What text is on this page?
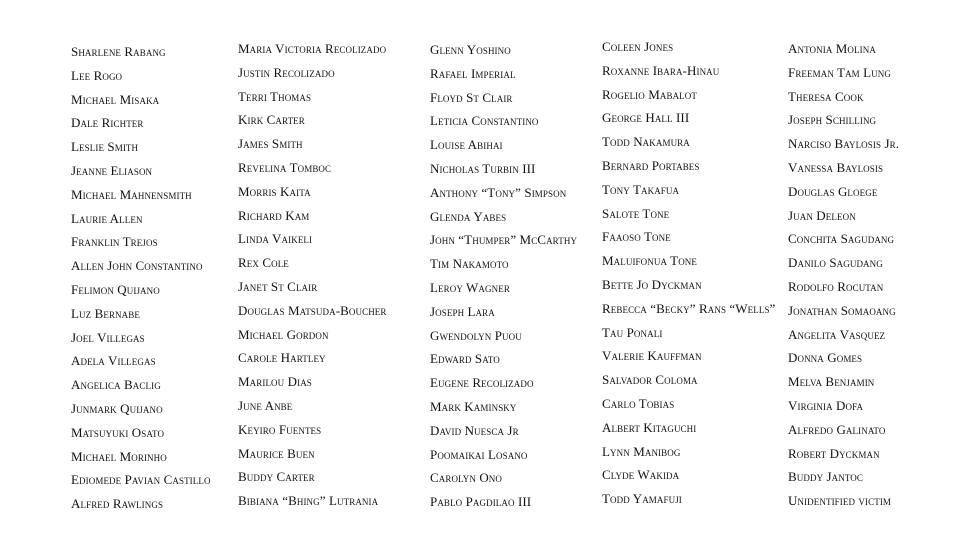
Sharlene Rabang
Lee Rogo
Michael Misaka
Dale Richter
Leslie Smith
Jeanne Eliason
Michael Mahnensmith
Laurie Allen
Franklin Trejos
Allen John Constantino
Felimon Quijano
Luz Bernabe
Joel Villegas
Adela Villegas
Angelica Baclig
Junmark Quijano
Matsuyuki Osato
Michael Morinho
Ediomede Pavian Castillo
Alfred Rawlings
Maria Victoria Recolizado
Justin Recolizado
Terri Thomas
Kirk Carter
James Smith
Revelina Tomboc
Morris Kaita
Richard Kam
Linda Vaikeli
Rex Cole
Janet St Clair
Douglas Matsuda-Boucher
Michael Gordon
Carole Hartley
Marilou Dias
June Anbe
Keyiro Fuentes
Maurice Buen
Buddy Carter
Bibiana “Bhing” Lutrania
Glenn Yoshino
Rafael Imperial
Floyd St Clair
Leticia Constantino
Louise Abihai
Nicholas Turbin III
Anthony “Tony” Simpson
Glenda Yabes
John “Thumper” McCarthy
Tim Nakamoto
Leroy Wagner
Joseph Lara
Gwendolyn Puou
Edward Sato
Eugene Recolizado
Mark Kaminsky
David Nuesca Jr
Poomaikai Losano
Carolyn Ono
Pablo Pagdilao III
Coleen Jones
Roxanne Ibara-Hinau
Rogelio Mabalot
George Hall III
Todd Nakamura
Bernard Portabes
Tony Takafua
Salote Tone
Faaoso Tone
Maluifonua Tone
Bette Jo Dyckman
Rebecca “Becky” Rans “Wells”
Tau Ponali
Valerie Kauffman
Salvador Coloma
Carlo Tobias
Albert Kitaguchi
Lynn Manibog
Clyde Wakida
Todd Yamafuji
Antonia Molina
Freeman Tam Lung
Theresa Cook
Joseph Schilling
Narciso Baylosis Jr.
Vanessa Baylosis
Douglas Gloege
Juan Deleon
Conchita Sagudang
Danilo Sagudang
Rodolfo Rocutan
Jonathan Somaoang
Angelita Vasquez
Donna Gomes
Melva Benjamin
Virginia Dofa
Alfredo Galinato
Robert Dyckman
Buddy Jantoc
Unidentified victim
